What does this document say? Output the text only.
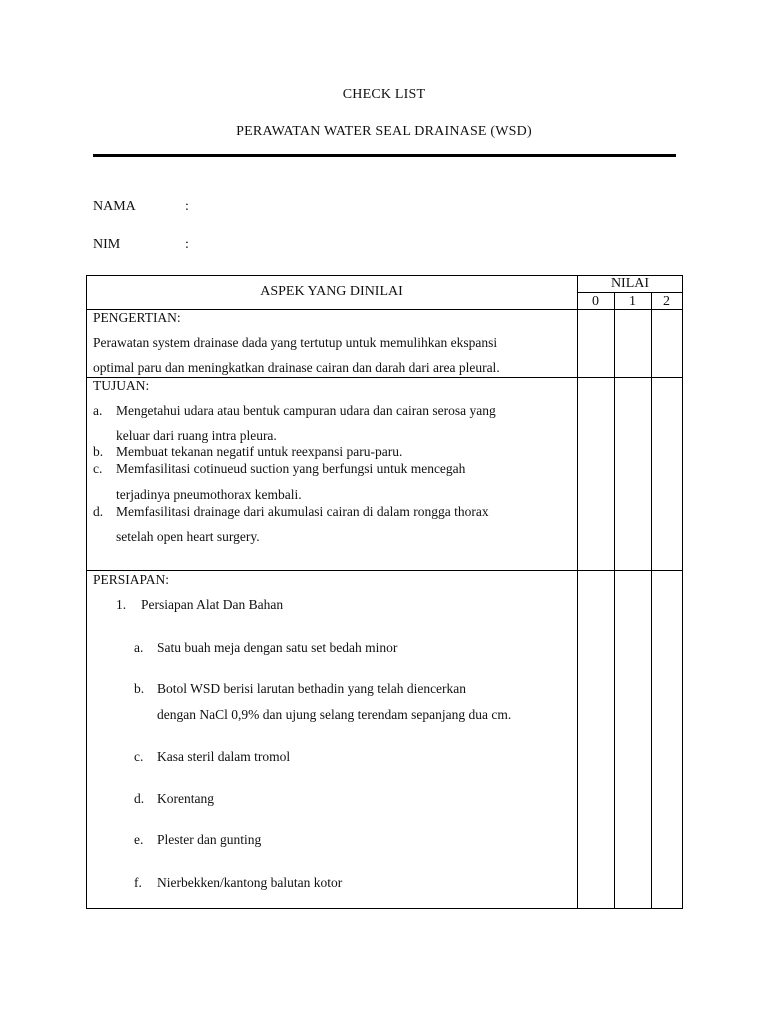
CHECK LIST
PERAWATAN WATER SEAL DRAINASE (WSD)
NAMA	:
NIM	:
ASPEK YANG DINILAI
NILAI
0	1	2
PENGERTIAN:
Perawatan system drainase dada yang tertutup untuk memulihkan ekspansi
optimal paru dan meningkatkan drainase cairan dan darah dari area pleural.
TUJUAN:
a. Mengetahui udara atau bentuk campuran udara dan cairan serosa yang
keluar dari ruang intra pleura.
b. Membuat tekanan negatif untuk reexpansi paru-paru.
c. Memfasilitasi cotinueud suction yang berfungsi untuk mencegah
terjadinya pneumothorax kembali.
d. Memfasilitasi drainage dari akumulasi cairan di dalam rongga thorax
setelah open heart surgery.
PERSIAPAN:
1. Persiapan Alat Dan Bahan
a. Satu buah meja dengan satu set bedah minor
b. Botol WSD berisi larutan bethadin yang telah diencerkan
dengan NaCl 0,9% dan ujung selang terendam sepanjang dua cm.
c. Kasa steril dalam tromol
d. Korentang
e. Plester dan gunting
f. Nierbekken/kantong balutan kotor
